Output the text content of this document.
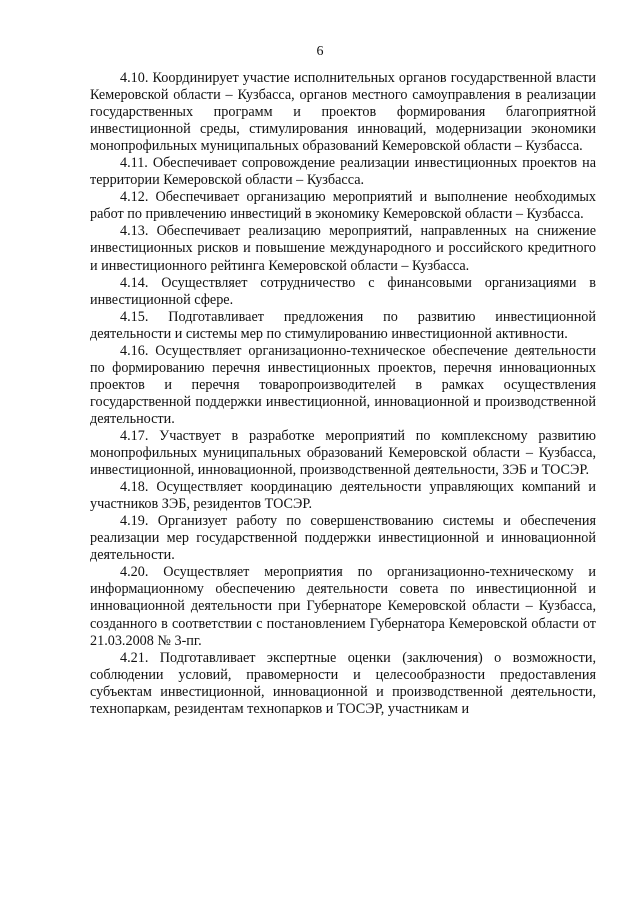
6

4.10. Координирует участие исполнительных органов государственной власти Кемеровской области – Кузбасса, органов местного самоуправления в реализации государственных программ и проектов формирования благоприятной инвестиционной среды, стимулирования инноваций, модернизации экономики монопрофильных муниципальных образований Кемеровской области – Кузбасса.

4.11. Обеспечивает сопровождение реализации инвестиционных проектов на территории Кемеровской области – Кузбасса.

4.12. Обеспечивает организацию мероприятий и выполнение необходимых работ по привлечению инвестиций в экономику Кемеровской области – Кузбасса.

4.13. Обеспечивает реализацию мероприятий, направленных на снижение инвестиционных рисков и повышение международного и российского кредитного и инвестиционного рейтинга Кемеровской области – Кузбасса.

4.14. Осуществляет сотрудничество с финансовыми организациями в инвестиционной сфере.

4.15. Подготавливает предложения по развитию инвестиционной деятельности и системы мер по стимулированию инвестиционной активности.

4.16. Осуществляет организационно-техническое обеспечение деятельности по формированию перечня инвестиционных проектов, перечня инновационных проектов и перечня товаропроизводителей в рамках осуществления государственной поддержки инвестиционной, инновационной и производственной деятельности.

4.17. Участвует в разработке мероприятий по комплексному развитию монопрофильных муниципальных образований Кемеровской области – Кузбасса, инвестиционной, инновационной, производственной деятельности, ЗЭБ и ТОСЭР.

4.18. Осуществляет координацию деятельности управляющих компаний и участников ЗЭБ, резидентов ТОСЭР.

4.19. Организует работу по совершенствованию системы и обеспечения реализации мер государственной поддержки инвестиционной и инновационной деятельности.

4.20. Осуществляет мероприятия по организационно-техническому и информационному обеспечению деятельности совета по инвестиционной и инновационной деятельности при Губернаторе Кемеровской области – Кузбасса, созданного в соответствии с постановлением Губернатора Кемеровской области от 21.03.2008 № 3-пг.

4.21. Подготавливает экспертные оценки (заключения) о возможности, соблюдении условий, правомерности и целесообразности предоставления субъектам инвестиционной, инновационной и производственной деятельности, технопаркам, резидентам технопарков и ТОСЭР, участникам и
